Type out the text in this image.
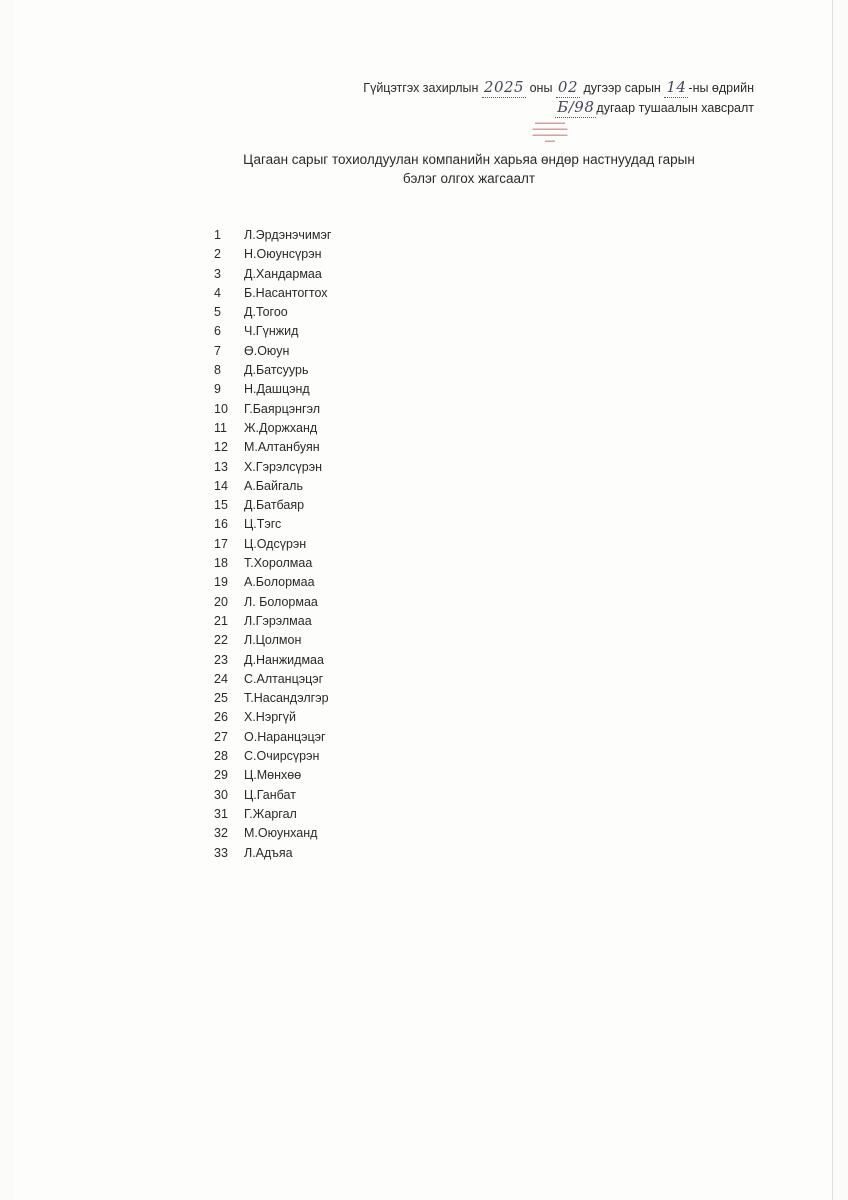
Гүйцэтгэх захирлын 2025 оны 02 дугээр сарын 14 -ны өдрийн
Б/98 дугаар тушаалын хавсралт
▬▬▬▬▬▬
▬▬▬▬▬▬▬
▬▬▬▬▬▬▬
▬▬
Цагаан сарыг тохиолдуулан компанийн харьяа өндөр настнуудад гарын
бэлэг олгох жагсаалт
1	Л.Эрдэнэчимэг
2	Н.Оюунсүрэн
3	Д.Хандармаа
4	Б.Насантогтох
5	Д.Тогоо
6	Ч.Гүнжид
7	Ө.Оюун
8	Д.Батсуурь
9	Н.Дашцэнд
10	Г.Баярцэнгэл
11	Ж.Доржханд
12	М.Алтанбуян
13	Х.Гэрэлсүрэн
14	А.Байгаль
15	Д.Батбаяр
16	Ц.Тэгс
17	Ц.Одсүрэн
18	Т.Хоролмаа
19	А.Болормаа
20	Л. Болормаа
21	Л.Гэрэлмаа
22	Л.Цолмон
23	Д.Нанжидмаа
24	С.Алтанцэцэг
25	Т.Насандэлгэр
26	Х.Нэргүй
27	О.Наранцэцэг
28	С.Очирсүрэн
29	Ц.Мөнхөө
30	Ц.Ганбат
31	Г.Жаргал
32	М.Оюунханд
33	Л.Адъяа
